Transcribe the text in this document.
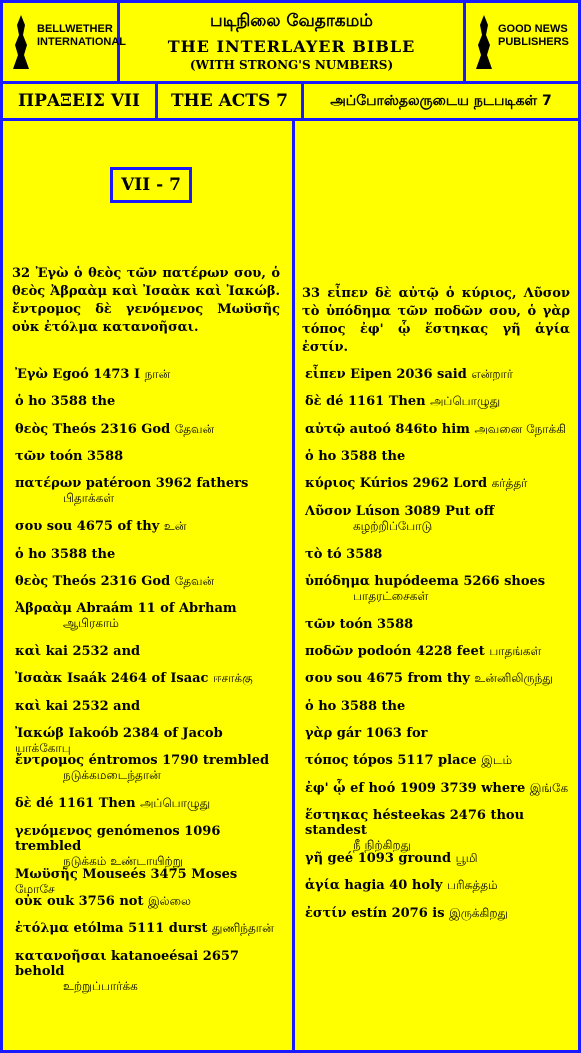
BELLWETHER INTERNATIONAL
படிநிலை வேதாகமம்
THE INTERLAYER BIBLE
(WITH STRONG'S NUMBERS)
GOOD NEWS PUBLISHERS
ΠΡΑΞΕΙΣ VII	THE ACTS 7	அப்போஸ்தலருடைய நடபடிகள் 7
VII - 7
32 Ἐγὼ ὁ θεὸς τῶν πατέρων σου, ὁ θεὸς Ἀβραὰμ καὶ Ἰσαὰκ καὶ Ἰακώβ. ἔντρομος δὲ γενόμενος Μωϋσῆς οὐκ ἐτόλμα κατανοῆσαι.
Ἐγὼ Egoó 1473 I நான்
ὁ ho 3588 the
θεὸς Theós 2316 God தேவன்
τῶν toón 3588
πατέρων patéroon 3962 fathers
பிதாக்கள்
σου sou 4675 of thy உன்
ὁ ho 3588 the
θεὸς Theós 2316 God தேவன்
Ἀβραὰμ Abraám 11 of Abrham
ஆபிரகாம்
καὶ kai 2532 and
Ἰσαὰκ Isaák 2464 of Isaac ஈசாக்கு
καὶ kai 2532 and
Ἰακώβ Iakoób 2384 of Jacob யாக்கோபு
ἔντρομος éntromos 1790 trembled
நடுக்கமடைந்தான்
δὲ dé 1161 Then அப்பொழுது
γενόμενος genómenos 1096 trembled
நடுக்கம் உண்டாயிற்று
Μωϋσῆς Mouseés 3475 Moses மோசே
οὐκ ouk 3756 not இல்லை
ἐτόλμα etólma 5111 durst துணிந்தான்
κατανοῆσαι katanoeésai 2657 behold
உற்றுப்பார்க்க
33 εἶπεν δὲ αὐτῷ ὁ κύριος, Λῦσον τὸ ὑπόδημα τῶν ποδῶν σου, ὁ γὰρ τόπος ἐφ' ᾧ ἕστηκας γῆ ἁγία ἐστίν.
εἶπεν Eipen 2036 said என்றார்
δὲ dé 1161 Then அப்பொழுது
αὐτῷ autoó 846to him அவனை நோக்கி
ὁ ho 3588 the
κύριος Kúrios 2962 Lord கர்த்தர்
Λῦσον Lúson 3089 Put off
கழற்றிப்போடு
τὸ tó 3588
ὑπόδημα hupódeema 5266 shoes
பாதரட்சைகள்
τῶν toón 3588
ποδῶν podoón 4228 feet பாதங்கள்
σου sou 4675 from thy உன்னிலிருந்து
ὁ ho 3588 the
γὰρ gár 1063 for
τόπος tópos 5117 place இடம்
ἐφ' ᾧ ef hoó 1909 3739 where இங்கே
ἕστηκας hésteekas 2476 thou standest
நீ நிற்கிறது
γῆ geé 1093 ground பூமி
ἁγία hagia 40 holy பரிசுத்தம்
ἐστίν estín 2076 is இருக்கிறது
